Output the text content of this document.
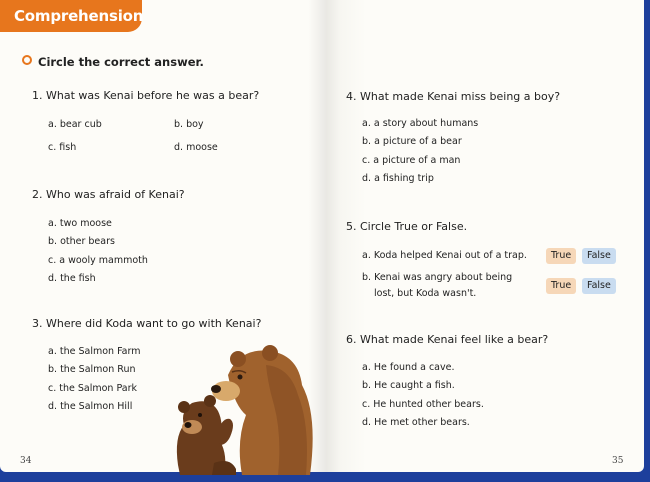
Comprehension
Circle the correct answer.
1. What was Kenai before he was a bear?
a. bear cub	b. boy
c. fish	d. moose
2. Who was afraid of Kenai?
a. two moose
b. other bears
c. a wooly mammoth
d. the fish
3. Where did Koda want to go with Kenai?
a. the Salmon Farm
b. the Salmon Run
c. the Salmon Park
d. the Salmon Hill
34
4. What made Kenai miss being a boy?
a. a story about humans
b. a picture of a bear
c. a picture of a man
d. a fishing trip
5. Circle True or False.
a. Koda helped Kenai out of a trap.	True	False
b. Kenai was angry about being
lost, but Koda wasn't.
True	False
6. What made Kenai feel like a bear?
a. He found a cave.
b. He caught a fish.
c. He hunted other bears.
d. He met other bears.
35
